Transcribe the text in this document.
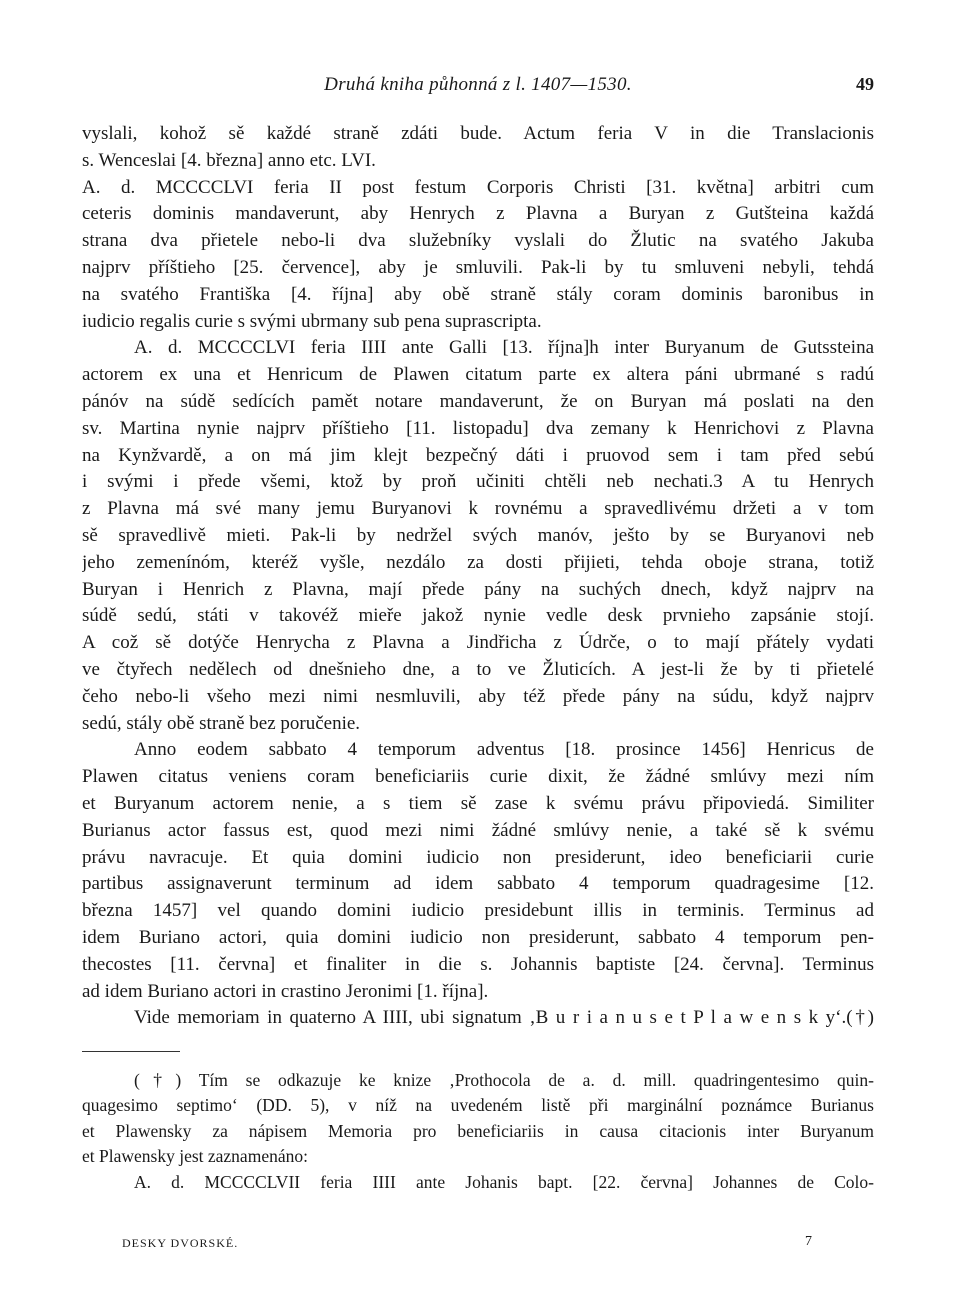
Druhá kniha půhonná z l. 1407—1530.	49
vyslali, kohož sě každé straně zdáti bude. Actum feria V in die Translacionis
s. Wenceslai [4. března] anno etc. LVI.
A. d. MCCCCLVI feria II post festum Corporis Christi [31. května] arbitri cum
ceteris dominis mandaverunt, aby Henrych z Plavna a Buryan z Gutšteina každá
strana dva přietele nebo-li dva služebníky vyslali do Žlutic na svatého Jakuba
najprv příštieho [25. července], aby je smluvili. Pak-li by tu smluveni nebyli, tehdá
na svatého Františka [4. října] aby obě straně stály coram dominis baronibus in
iudicio regalis curie s svými ubrmany sub pena suprascripta.
A. d. MCCCCLVI feria IIII ante Galli [13. října]h inter Buryanum de Gutssteina
actorem ex una et Henricum de Plawen citatum parte ex altera páni ubrmané s radú
pánóv na súdě sedících pamět notare mandaverunt, že on Buryan má poslati na den
sv. Martina nynie najprv příštieho [11. listopadu] dva zemany k Henrichovi z Plavna
na Kynžvardě, a on má jim klejt bezpečný dáti i pruovod sem i tam před sebú
i svými i přede všemi, ktož by proň učiniti chtěli neb nechati.3 A tu Henrych
z Plavna má své many jemu Buryanovi k rovnému a spravedlivému držeti a v tom
sě spravedlivě mieti. Pak-li by nedržel svých manóv, ješto by se Buryanovi neb
jeho zemenínóm, kteréž vyšle, nezdálo za dosti přijieti, tehda oboje strana, totiž
Buryan i Henrich z Plavna, mají přede pány na suchých dnech, když najprv na
súdě sedú, státi v takovéž mieře jakož nynie vedle desk prvnieho zapsánie stojí.
A což sě dotýče Henrycha z Plavna a Jindřicha z Údrče, o to mají přátely vydati
ve čtyřech nedělech od dnešnieho dne, a to ve Žluticích. A jest-li že by ti přietelé
čeho nebo-li všeho mezi nimi nesmluvili, aby též přede pány na súdu, když najprv
sedú, stály obě straně bez poručenie.
Anno eodem sabbato 4 temporum adventus [18. prosince 1456] Henricus de
Plawen citatus veniens coram beneficiariis curie dixit, že žádné smlúvy mezi ním
et Buryanum actorem nenie, a s tiem sě zase k svému právu připoviedá. Similiter
Burianus actor fassus est, quod mezi nimi žádné smlúvy nenie, a také sě k svému
právu navracuje. Et quia domini iudicio non presiderunt, ideo beneficiarii curie
partibus assignaverunt terminum ad idem sabbato 4 temporum quadragesime [12.
března 1457] vel quando domini iudicio presidebunt illis in terminis. Terminus ad
idem Buriano actori, quia domini iudicio non presiderunt, sabbato 4 temporum pen-
thecostes [11. června] et finaliter in die s. Johannis baptiste [24. června]. Terminus
ad idem Buriano actori in crastino Jeronimi [1. října].
Vide memoriam in quaterno A IIII, ubi signatum ‚B u r i a n u s e t P l a w e n s k y‘.(†)
(†) Tím se odkazuje ke knize ‚Prothocola de a. d. mill. quadringentesimo quin-
quagesimo septimo‘ (DD. 5), v níž na uvedeném listě při marginální poznámce Burianus
et Plawensky za nápisem Memoria pro beneficiariis in causa citacionis inter Buryanum
et Plawensky jest zaznamenáno:
A. d. MCCCCLVII feria IIII ante Johanis bapt. [22. června] Johannes de Colo-
DESKY DVORSKÉ.	7
